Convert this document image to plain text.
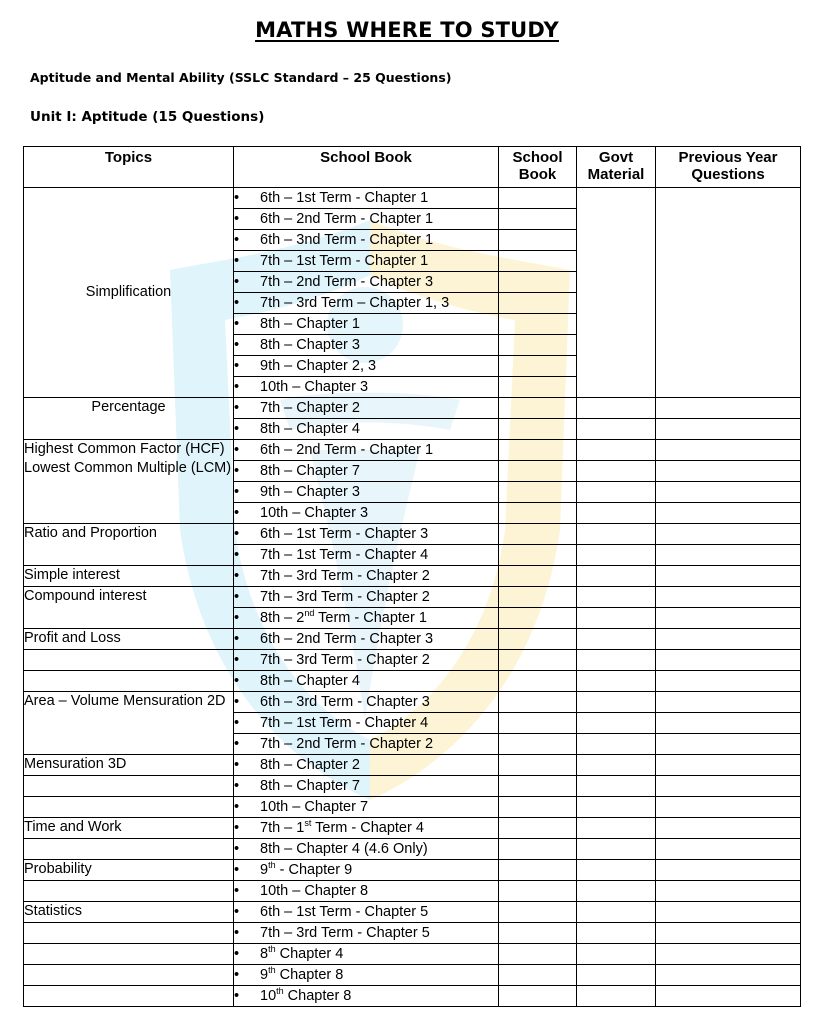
MATHS WHERE TO STUDY
Aptitude and Mental Ability (SSLC Standard – 25 Questions)
Unit I: Aptitude (15 Questions)
Topics	School Book	School Book	Govt Material	Previous Year Questions
Simplification	• 6th – 1st Term - Chapter 1			
	• 6th – 2nd Term - Chapter 1			
	• 6th – 3nd Term - Chapter 1			
	• 7th – 1st Term - Chapter 1			
	• 7th – 2nd Term - Chapter 3			
	• 7th – 3rd Term – Chapter 1, 3			
	• 8th – Chapter 1			
	• 8th – Chapter 3			
	• 9th – Chapter 2, 3			
	• 10th – Chapter 3			
Percentage	• 7th – Chapter 2			
	• 8th – Chapter 4			
Highest Common Factor (HCF) Lowest Common Multiple (LCM)	• 6th – 2nd Term - Chapter 1			
	• 8th – Chapter 7			
	• 9th – Chapter 3			
	• 10th – Chapter 3			
Ratio and Proportion	• 6th – 1st Term - Chapter 3			
	• 7th – 1st Term - Chapter 4			
Simple interest	• 7th – 3rd Term - Chapter 2			
Compound interest	• 7th – 3rd Term - Chapter 2			
	• 8th – 2nd Term - Chapter 1			
Profit and Loss	• 6th – 2nd Term - Chapter 3			
	• 7th – 3rd Term - Chapter 2			
	• 8th – Chapter 4			
Area – Volume Mensuration 2D	• 6th – 3rd Term - Chapter 3			
	• 7th – 1st Term - Chapter 4			
	• 7th – 2nd Term - Chapter 2			
Mensuration 3D	• 8th – Chapter 2			
	• 8th – Chapter 7			
	• 10th – Chapter 7			
Time and Work	• 7th – 1st Term - Chapter 4			
	• 8th – Chapter 4 (4.6 Only)			
Probability	• 9th - Chapter 9			
	• 10th – Chapter 8			
Statistics	• 6th – 1st Term - Chapter 5			
	• 7th – 3rd Term - Chapter 5			
	• 8th Chapter 4			
	• 9th Chapter 8			
	• 10th Chapter 8			
